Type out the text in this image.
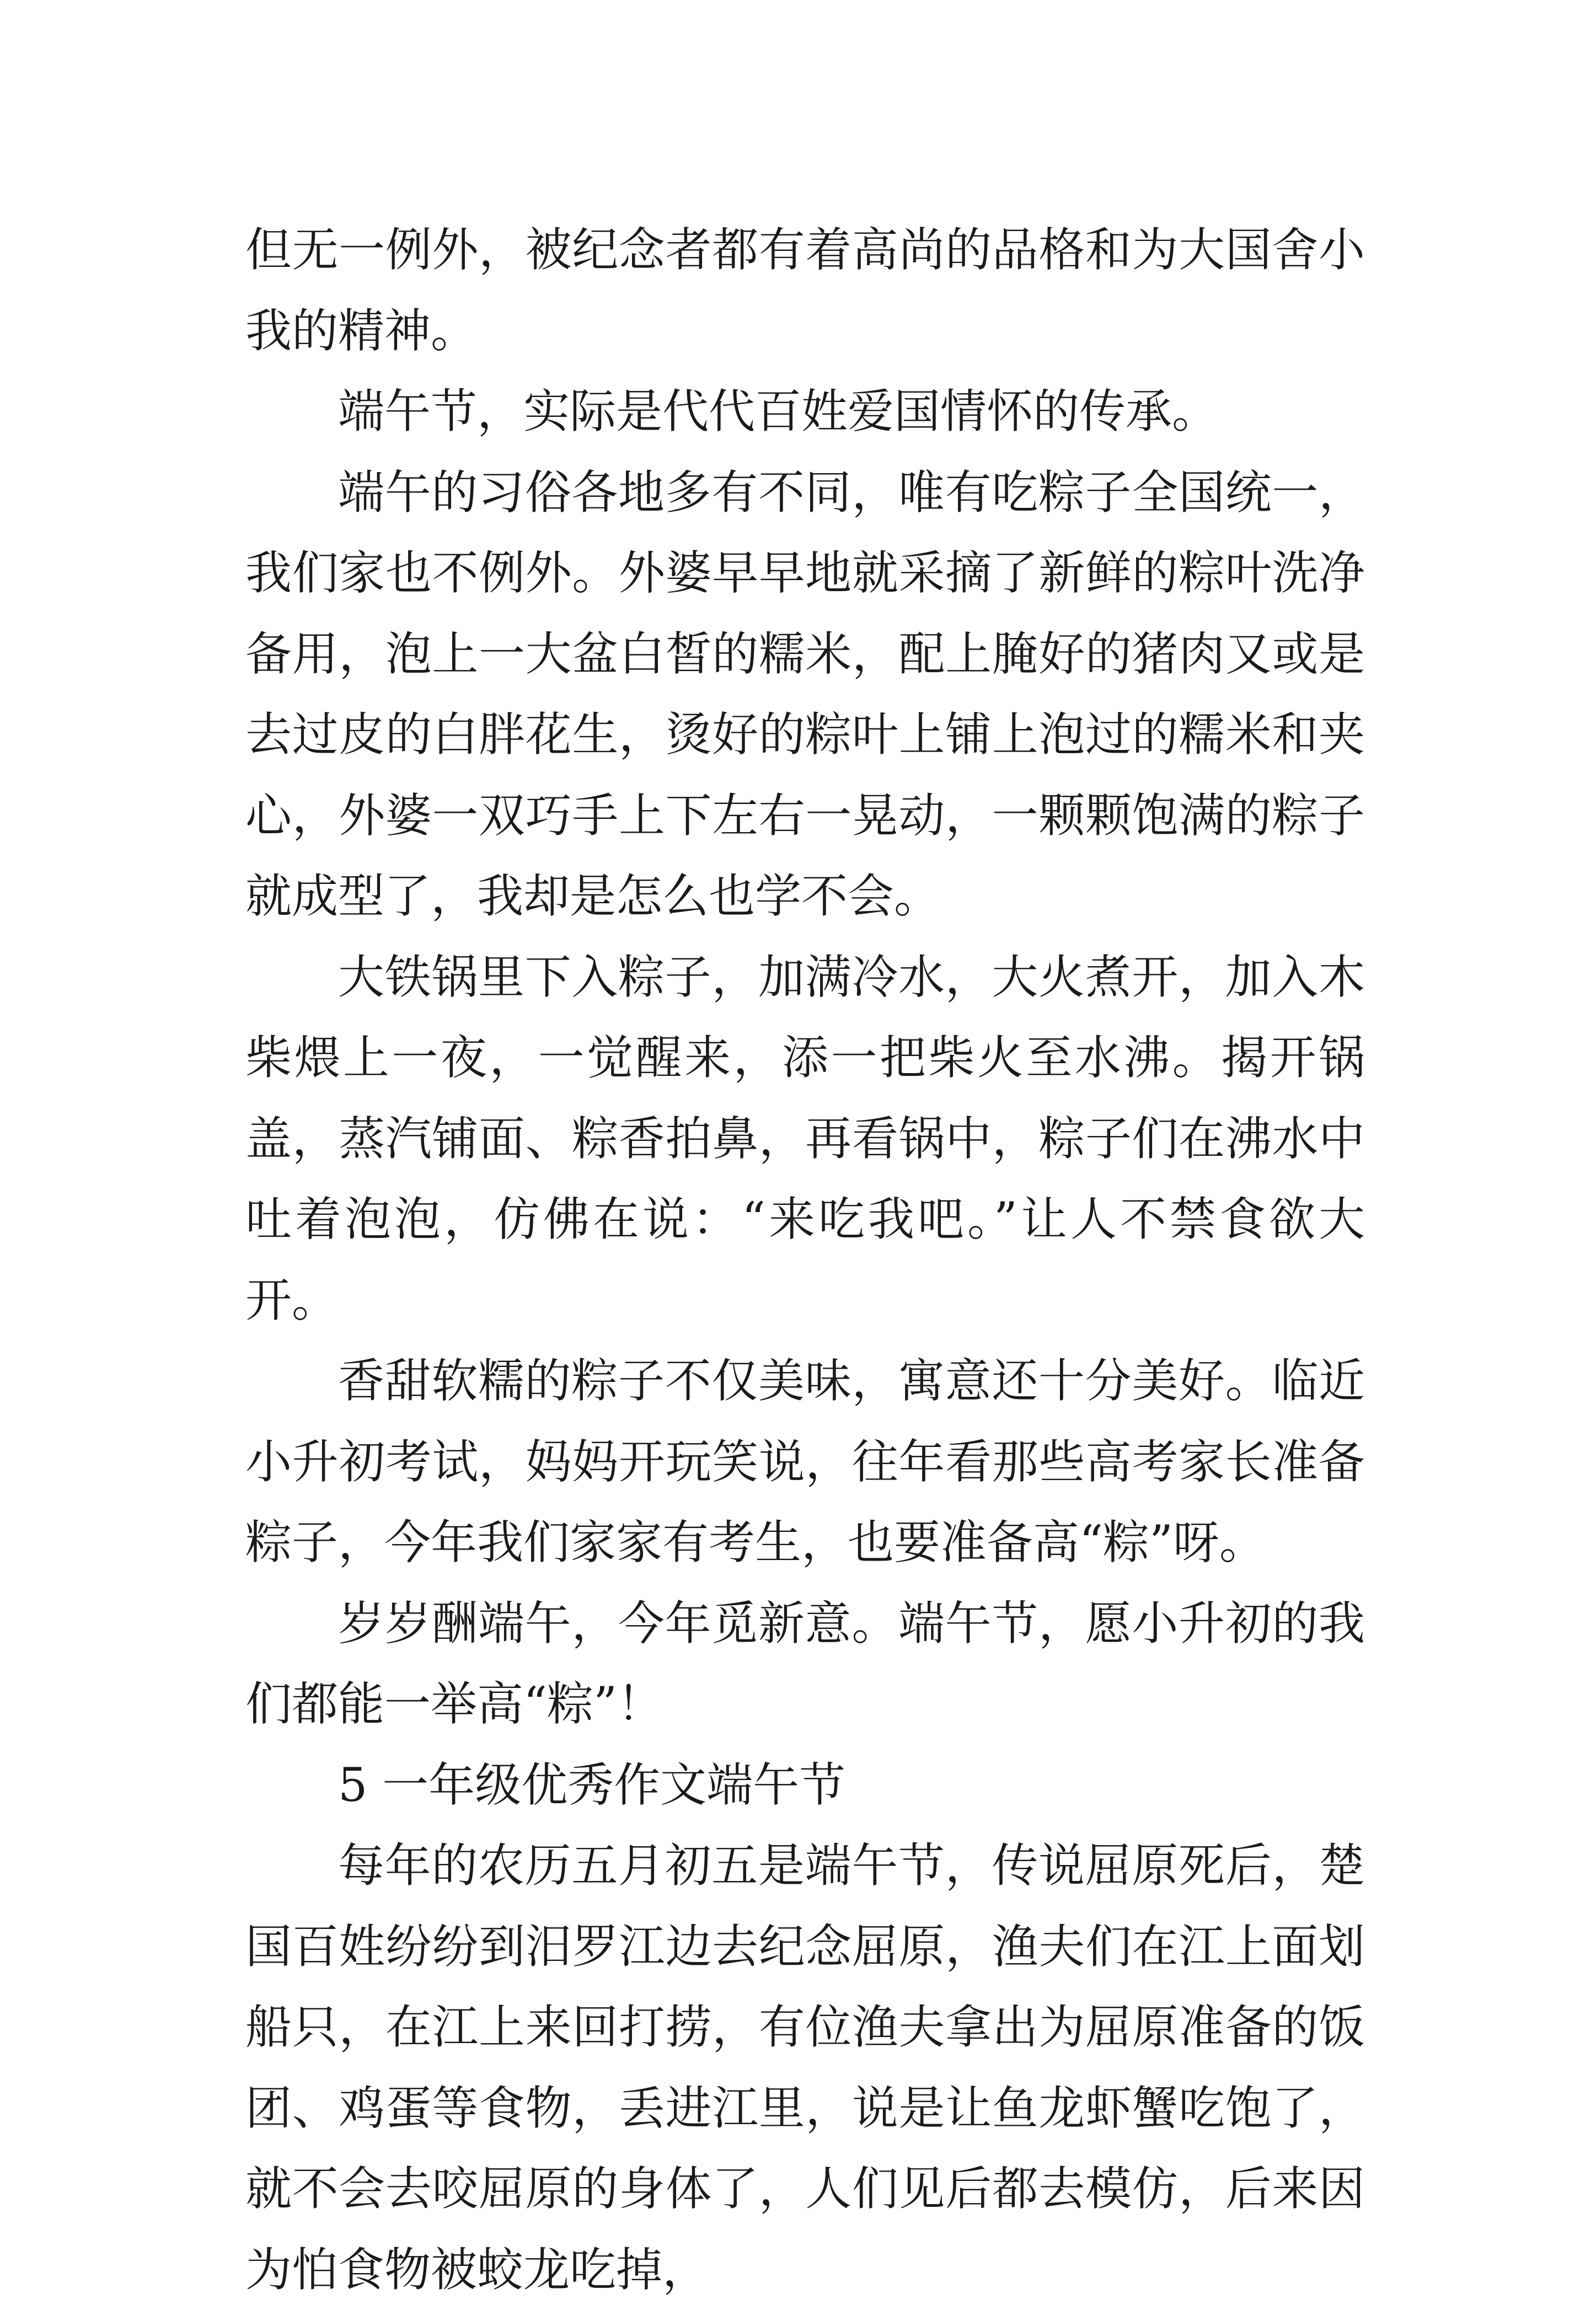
但无一例外，被纪念者都有着高尚的品格和为大国舍小我的精神。

端午节，实际是代代百姓爱国情怀的传承。

端午的习俗各地多有不同，唯有吃粽子全国统一，我们家也不例外。外婆早早地就采摘了新鲜的粽叶洗净备用，泡上一大盆白皙的糯米，配上腌好的猪肉又或是去过皮的白胖花生，烫好的粽叶上铺上泡过的糯米和夹心，外婆一双巧手上下左右一晃动，一颗颗饱满的粽子就成型了，我却是怎么也学不会。

大铁锅里下入粽子，加满冷水，大火煮开，加入木柴煨上一夜，一觉醒来，添一把柴火至水沸。揭开锅盖，蒸汽铺面、粽香拍鼻，再看锅中，粽子们在沸水中吐着泡泡，仿佛在说：“来吃我吧。”让人不禁食欲大开。

香甜软糯的粽子不仅美味，寓意还十分美好。临近小升初考试，妈妈开玩笑说，往年看那些高考家长准备粽子，今年我们家家有考生，也要准备高“粽”呀。

岁岁酬端午，今年觅新意。端午节，愿小升初的我们都能一举高“粽”！

5 一年级优秀作文端午节

每年的农历五月初五是端午节，传说屈原死后，楚国百姓纷纷到汨罗江边去纪念屈原，渔夫们在江上面划船只，在江上来回打捞，有位渔夫拿出为屈原准备的饭团、鸡蛋等食物，丢进江里，说是让鱼龙虾蟹吃饱了，就不会去咬屈原的身体了，人们见后都去模仿，后来因为怕食物被蛟龙吃掉，
